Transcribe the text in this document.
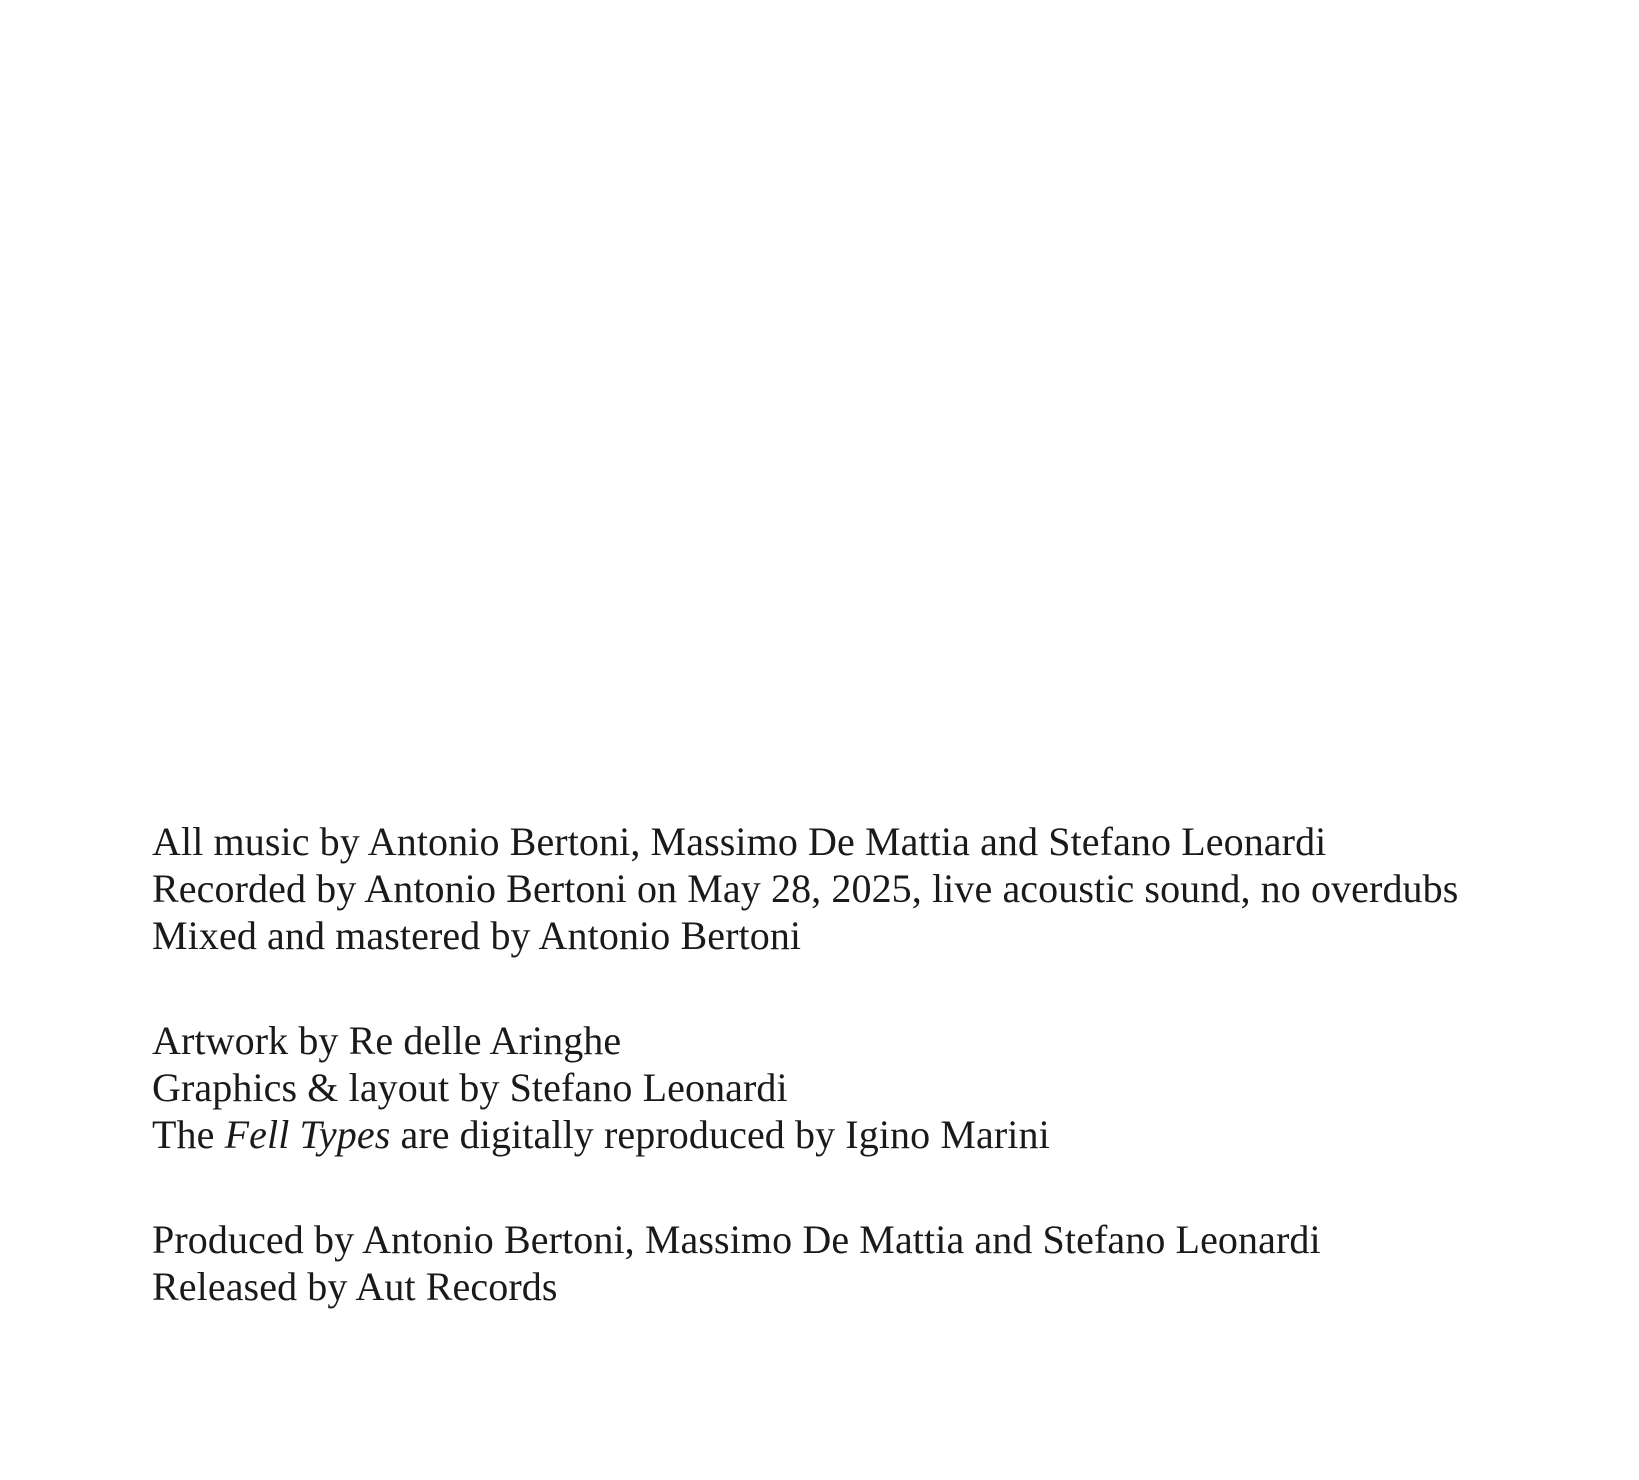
All music by Antonio Bertoni, Massimo De Mattia and Stefano Leonardi
Recorded by Antonio Bertoni on May 28, 2025, live acoustic sound, no overdubs
Mixed and mastered by Antonio Bertoni
Artwork by Re delle Aringhe
Graphics & layout by Stefano Leonardi
The Fell Types are digitally reproduced by Igino Marini
Produced by Antonio Bertoni, Massimo De Mattia and Stefano Leonardi
Released by Aut Records
